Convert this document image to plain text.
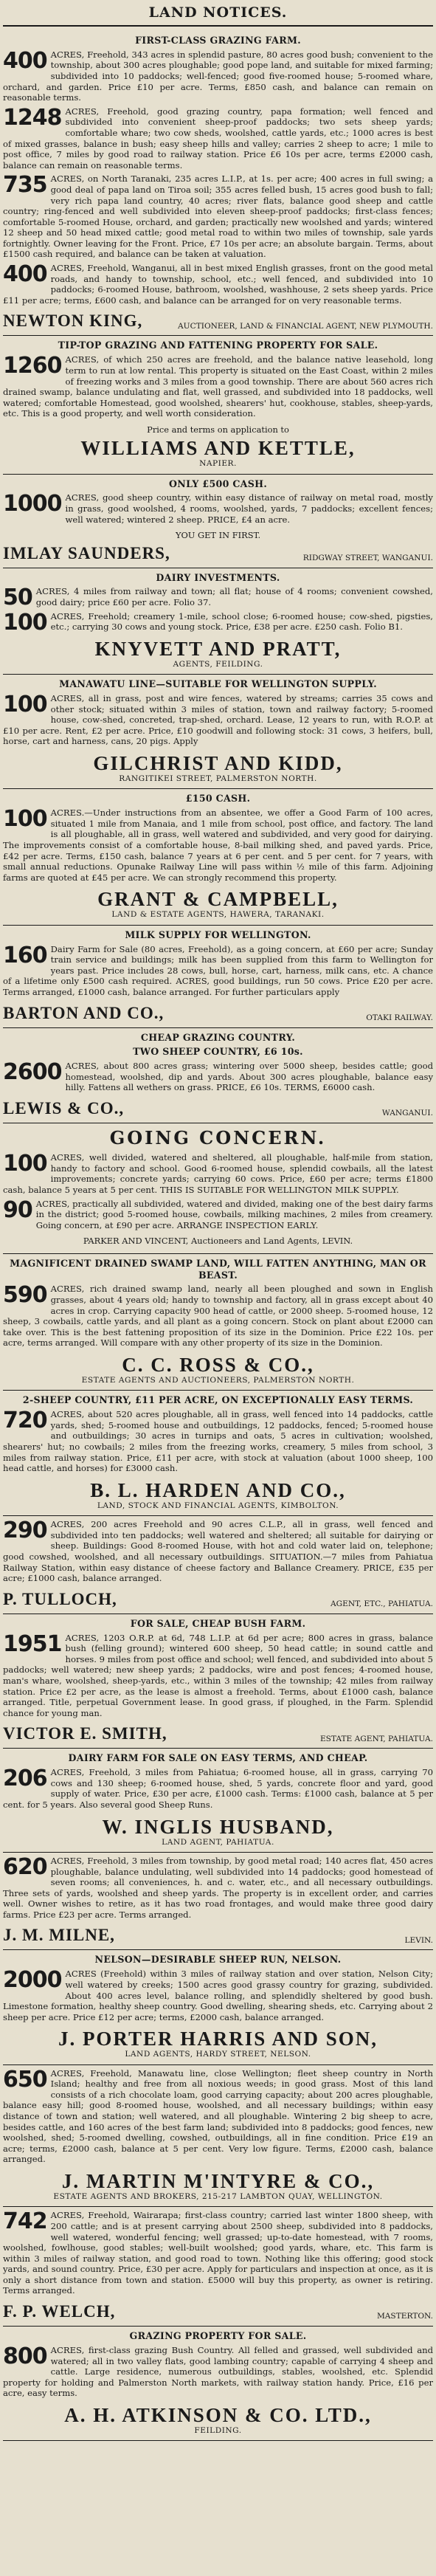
LAND NOTICES.
FIRST-CLASS GRAZING FARM.
400 ACRES, Freehold, 343 acres in splendid pasture, 80 acres good bush; convenient to the township, about 300 acres ploughable; good pope land, and suitable for mixed farming; subdivided into 10 paddocks; well-fenced; good five-roomed house; 5-roomed whare, orchard, and garden. Price £10 per acre. Terms, £850 cash, and balance can remain on reasonable terms.
1248 ACRES, Freehold, good grazing country, papa formation; well fenced and subdivided into convenient sheep-proof paddocks; two sets sheep yards; comfortable whare; two cow sheds, woolshed, cattle yards, etc.; 1000 acres is best of mixed grasses, balance in bush; easy sheep hills and valley; carries 2 sheep to acre; 1 mile to post office, 7 miles by good road to railway station. Price £6 10s per acre, terms £2000 cash, balance can remain on reasonable terms.
735 ACRES, on North Taranaki, 235 acres L.I.P., at 1s. per acre; 400 acres in full swing; a good deal of papa land on Tiroa soil; 355 acres felled bush, 15 acres good bush to fall; very rich papa land country, 40 acres; river flats, balance good sheep and cattle country; ring-fenced and well subdivided into eleven sheep-proof paddocks; first-class fences; comfortable 5-roomed House, orchard, and garden; practically new woolshed and yards; wintered 12 sheep and 50 head mixed cattle; good metal road to within two miles of township, sale yards fortnightly. Owner leaving for the Front. Price, £7 10s per acre; an absolute bargain. Terms, about £1500 cash required, and balance can be taken at valuation.
400 ACRES, Freehold, Wanganui, all in best mixed English grasses, front on the good metal roads, and handy to township, school, etc.; well fenced, and subdivided into 10 paddocks; 6-roomed House, bathroom, woolshed, washhouse, 2 sets sheep yards. Price £11 per acre; terms, £600 cash, and balance can be arranged for on very reasonable terms.
NEWTON KING,	AUCTIONEER, LAND & FINANCIAL AGENT, NEW PLYMOUTH.
TIP-TOP GRAZING AND FATTENING PROPERTY FOR SALE.
1260 ACRES, of which 250 acres are freehold, and the balance native leasehold, long term to run at low rental. This property is situated on the East Coast, within 2 miles of freezing works and 3 miles from a good township. There are about 560 acres rich drained swamp, balance undulating and flat, well grassed, and subdivided into 18 paddocks, well watered; comfortable Homestead, good woolshed, shearers' hut, cookhouse, stables, sheep-yards, etc. This is a good property, and well worth consideration.
Price and terms on application to
WILLIAMS AND KETTLE,
NAPIER.
ONLY £500 CASH.
1000 ACRES, good sheep country, within easy distance of railway on metal road, mostly in grass, good woolshed, 4 rooms, woolshed, yards, 7 paddocks; excellent fences; well watered; wintered 2 sheep. PRICE, £4 an acre.
YOU GET IN FIRST.
IMLAY SAUNDERS,	RIDGWAY STREET, WANGANUI.
DAIRY INVESTMENTS.
50 ACRES, 4 miles from railway and town; all flat; house of 4 rooms; convenient cowshed, good dairy; price £60 per acre. Folio 37.
100 ACRES, Freehold; creamery 1-mile, school close; 6-roomed house; cow-shed, pigsties, etc.; carrying 30 cows and young stock. Price, £38 per acre. £250 cash. Folio B1.
KNYVETT AND PRATT,
AGENTS, FEILDING.
MANAWATU LINE—SUITABLE FOR WELLINGTON SUPPLY.
100 ACRES, all in grass, post and wire fences, watered by streams; carries 35 cows and other stock; situated within 3 miles of station, town and railway factory; 5-roomed house, cow-shed, concreted, trap-shed, orchard. Lease, 12 years to run, with R.O.P. at £10 per acre. Rent, £2 per acre. Price, £10 goodwill and following stock: 31 cows, 3 heifers, bull, horse, cart and harness, cans, 20 pigs. Apply
GILCHRIST AND KIDD,
RANGITIKEI STREET, PALMERSTON NORTH.
£150 CASH.
100 ACRES.—Under instructions from an absentee, we offer a Good Farm of 100 acres, situated 1 mile from Manaia, and 1 mile from school, post office, and factory. The land is all ploughable, all in grass, well watered and subdivided, and very good for dairying. The improvements consist of a comfortable house, 8-bail milking shed, and paved yards. Price, £42 per acre. Terms, £150 cash, balance 7 years at 6 per cent. and 5 per cent. for 7 years, with small annual reductions. Opunake Railway Line will pass within ½ mile of this farm. Adjoining farms are quoted at £45 per acre. We can strongly recommend this property.
GRANT & CAMPBELL,
LAND & ESTATE AGENTS, HAWERA, TARANAKI.
MILK SUPPLY FOR WELLINGTON.
160 Dairy Farm for Sale (80 acres, Freehold), as a going concern, at £60 per acre; Sunday train service and buildings; milk has been supplied from this farm to Wellington for years past. Price includes 28 cows, bull, horse, cart, harness, milk cans, etc. A chance of a lifetime only £500 cash required. ACRES, good buildings, run 50 cows. Price £20 per acre. Terms arranged, £1000 cash, balance arranged. For further particulars apply
BARTON AND CO.,	OTAKI RAILWAY.
CHEAP GRAZING COUNTRY.
TWO SHEEP COUNTRY, £6 10s.
2600 ACRES, about 800 acres grass; wintering over 5000 sheep, besides cattle; good homestead, woolshed, dip and yards. About 300 acres ploughable, balance easy hilly. Fattens all wethers on grass. PRICE, £6 10s. TERMS, £6000 cash.
LEWIS & CO.,	WANGANUI.
GOING CONCERN.
100 ACRES, well divided, watered and sheltered, all ploughable, half-mile from station, handy to factory and school. Good 6-roomed house, splendid cowbails, all the latest improvements; concrete yards; carrying 60 cows. Price, £60 per acre; terms £1800 cash, balance 5 years at 5 per cent. THIS IS SUITABLE FOR WELLINGTON MILK SUPPLY.
90 ACRES, practically all subdivided, watered and divided, making one of the best dairy farms in the district; good 5-roomed house, cowbails, milking machines, 2 miles from creamery. Going concern, at £90 per acre. ARRANGE INSPECTION EARLY.
PARKER AND VINCENT, Auctioneers and Land Agents, LEVIN.
MAGNIFICENT DRAINED SWAMP LAND, WILL FATTEN ANYTHING, MAN OR BEAST.
590 ACRES, rich drained swamp land, nearly all been ploughed and sown in English grasses, about 4 years old; handy to township and factory, all in grass except about 40 acres in crop. Carrying capacity 900 head of cattle, or 2000 sheep. 5-roomed house, 12 sheep, 3 cowbails, cattle yards, and all plant as a going concern. Stock on plant about £2000 can take over. This is the best fattening proposition of its size in the Dominion. Price £22 10s. per acre, terms arranged. Will compare with any other property of its size in the Dominion.
C. C. ROSS & CO.,
ESTATE AGENTS AND AUCTIONEERS, PALMERSTON NORTH.
2-SHEEP COUNTRY, £11 PER ACRE, ON EXCEPTIONALLY EASY TERMS.
720 ACRES, about 520 acres ploughable, all in grass, well fenced into 14 paddocks, cattle yards, shed; 5-roomed house and outbuildings, 12 paddocks, fenced; 5-roomed house and outbuildings; 30 acres in turnips and oats, 5 acres in cultivation; woolshed, shearers' hut; no cowbails; 2 miles from the freezing works, creamery, 5 miles from school, 3 miles from railway station. Price, £11 per acre, with stock at valuation (about 1000 sheep, 100 head cattle, and horses) for £3000 cash.
B. L. HARDEN AND CO.,
LAND, STOCK AND FINANCIAL AGENTS, KIMBOLTON.
290 ACRES, 200 acres Freehold and 90 acres C.L.P., all in grass, well fenced and subdivided into ten paddocks; well watered and sheltered; all suitable for dairying or sheep. Buildings: Good 8-roomed House, with hot and cold water laid on, telephone; good cowshed, woolshed, and all necessary outbuildings. SITUATION.—7 miles from Pahiatua Railway Station, within easy distance of cheese factory and Ballance Creamery. PRICE, £35 per acre; £1000 cash, balance arranged.
P. TULLOCH,	AGENT, ETC., PAHIATUA.
FOR SALE, CHEAP BUSH FARM.
1951 ACRES, 1203 O.R.P. at 6d, 748 L.I.P. at 6d per acre; 800 acres in grass, balance bush (felling ground); wintered 600 sheep, 50 head cattle; in sound cattle and horses. 9 miles from post office and school; well fenced, and subdivided into about 5 paddocks; well watered; new sheep yards; 2 paddocks, wire and post fences; 4-roomed house, man's whare, woolshed, sheep-yards, etc., within 3 miles of the township; 42 miles from railway station. Price £2 per acre, as the lease is almost a freehold. Terms, about £1000 cash, balance arranged. Title, perpetual Government lease. In good grass, if ploughed, in the Farm. Splendid chance for young man.
VICTOR E. SMITH,	ESTATE AGENT, PAHIATUA.
DAIRY FARM FOR SALE ON EASY TERMS, AND CHEAP.
206 ACRES, Freehold, 3 miles from Pahiatua; 6-roomed house, all in grass, carrying 70 cows and 130 sheep; 6-roomed house, shed, 5 yards, concrete floor and yard, good supply of water. Price, £30 per acre, £1000 cash. Terms: £1000 cash, balance at 5 per cent. for 5 years. Also several good Sheep Runs.
W. INGLIS HUSBAND,
LAND AGENT, PAHIATUA.
620 ACRES, Freehold, 3 miles from township, by good metal road; 140 acres flat, 450 acres ploughable, balance undulating, well subdivided into 14 paddocks; good homestead of seven rooms; all conveniences, h. and c. water, etc., and all necessary outbuildings. Three sets of yards, woolshed and sheep yards. The property is in excellent order, and carries well. Owner wishes to retire, as it has two road frontages, and would make three good dairy farms. Price £23 per acre. Terms arranged.
J. M. MILNE,	LEVIN.
NELSON—DESIRABLE SHEEP RUN, NELSON.
2000 ACRES (Freehold) within 3 miles of railway station and over station, Nelson City; well watered by creeks; 1500 acres good grassy country for grazing, subdivided. About 400 acres level, balance rolling, and splendidly sheltered by good bush. Limestone formation, healthy sheep country. Good dwelling, shearing sheds, etc. Carrying about 2 sheep per acre. Price £12 per acre; terms, £2000 cash, balance arranged.
J. PORTER HARRIS AND SON,
LAND AGENTS, HARDY STREET, NELSON.
650 ACRES, Freehold, Manawatu line, close Wellington; fleet sheep country in North Island; healthy and free from all noxious weeds; in good grass. Most of this land consists of a rich chocolate loam, good carrying capacity; about 200 acres ploughable, balance easy hill; good 8-roomed house, woolshed, and all necessary buildings; within easy distance of town and station; well watered, and all ploughable. Wintering 2 big sheep to acre, besides cattle, and 160 acres of the best farm land; subdivided into 8 paddocks; good fences, new woolshed, shed; 5-roomed dwelling, cowshed, outbuildings, all in fine condition. Price £19 an acre; terms, £2000 cash, balance at 5 per cent. Very low figure. Terms, £2000 cash, balance arranged.
J. MARTIN M'INTYRE & CO.,
ESTATE AGENTS AND BROKERS, 215-217 LAMBTON QUAY, WELLINGTON.
742 ACRES, Freehold, Wairarapa; first-class country; carried last winter 1800 sheep, with 200 cattle; and is at present carrying about 2500 sheep, subdivided into 8 paddocks, well watered, wonderful fencing; well grassed; up-to-date homestead, with 7 rooms, woolshed, fowlhouse, good stables; well-built woolshed; good yards, whare, etc. This farm is within 3 miles of railway station, and good road to town. Nothing like this offering; good stock yards, and sound country. Price, £30 per acre. Apply for particulars and inspection at once, as it is only a short distance from town and station. £5000 will buy this property, as owner is retiring. Terms arranged.
F. P. WELCH,	MASTERTON.
GRAZING PROPERTY FOR SALE.
800 ACRES, first-class grazing Bush Country. All felled and grassed, well subdivided and watered; all in two valley flats, good lambing country; capable of carrying 4 sheep and cattle. Large residence, numerous outbuildings, stables, woolshed, etc. Splendid property for holding and Palmerston North markets, with railway station handy. Price, £16 per acre, easy terms.
A. H. ATKINSON & CO. LTD.,
FEILDING.
